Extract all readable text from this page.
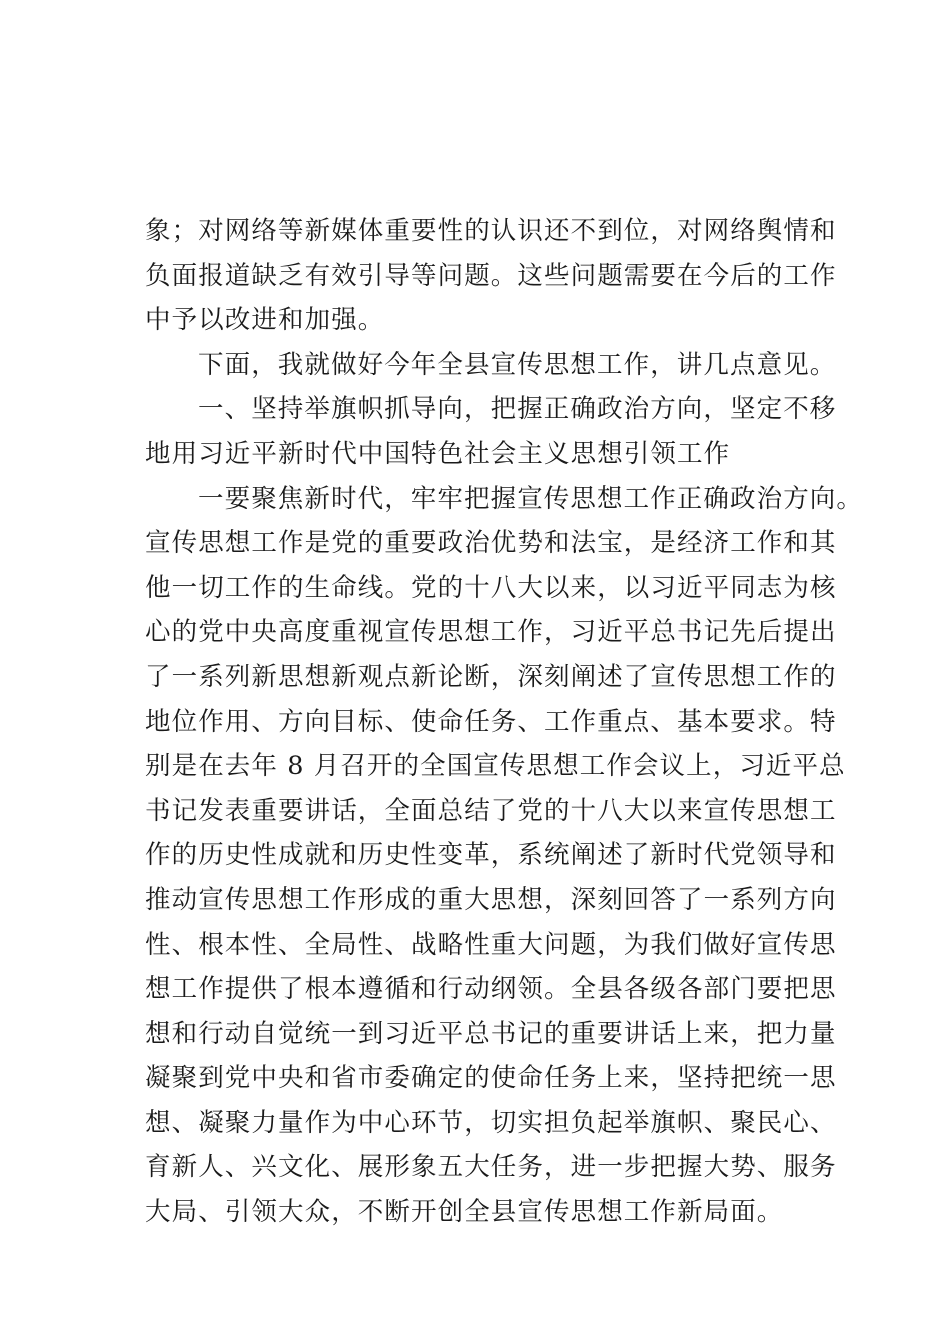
象；对网络等新媒体重要性的认识还不到位，对网络舆情和
负面报道缺乏有效引导等问题。这些问题需要在今后的工作
中予以改进和加强。
下面，我就做好今年全县宣传思想工作，讲几点意见。
一、坚持举旗帜抓导向，把握正确政治方向，坚定不移
地用习近平新时代中国特色社会主义思想引领工作
一要聚焦新时代，牢牢把握宣传思想工作正确政治方向。
宣传思想工作是党的重要政治优势和法宝，是经济工作和其
他一切工作的生命线。党的十八大以来，以习近平同志为核
心的党中央高度重视宣传思想工作，习近平总书记先后提出
了一系列新思想新观点新论断，深刻阐述了宣传思想工作的
地位作用、方向目标、使命任务、工作重点、基本要求。特
别是在去年 8 月召开的全国宣传思想工作会议上，习近平总
书记发表重要讲话，全面总结了党的十八大以来宣传思想工
作的历史性成就和历史性变革，系统阐述了新时代党领导和
推动宣传思想工作形成的重大思想，深刻回答了一系列方向
性、根本性、全局性、战略性重大问题，为我们做好宣传思
想工作提供了根本遵循和行动纲领。全县各级各部门要把思
想和行动自觉统一到习近平总书记的重要讲话上来，把力量
凝聚到党中央和省市委确定的使命任务上来，坚持把统一思
想、凝聚力量作为中心环节，切实担负起举旗帜、聚民心、
育新人、兴文化、展形象五大任务，进一步把握大势、服务
大局、引领大众，不断开创全县宣传思想工作新局面。
